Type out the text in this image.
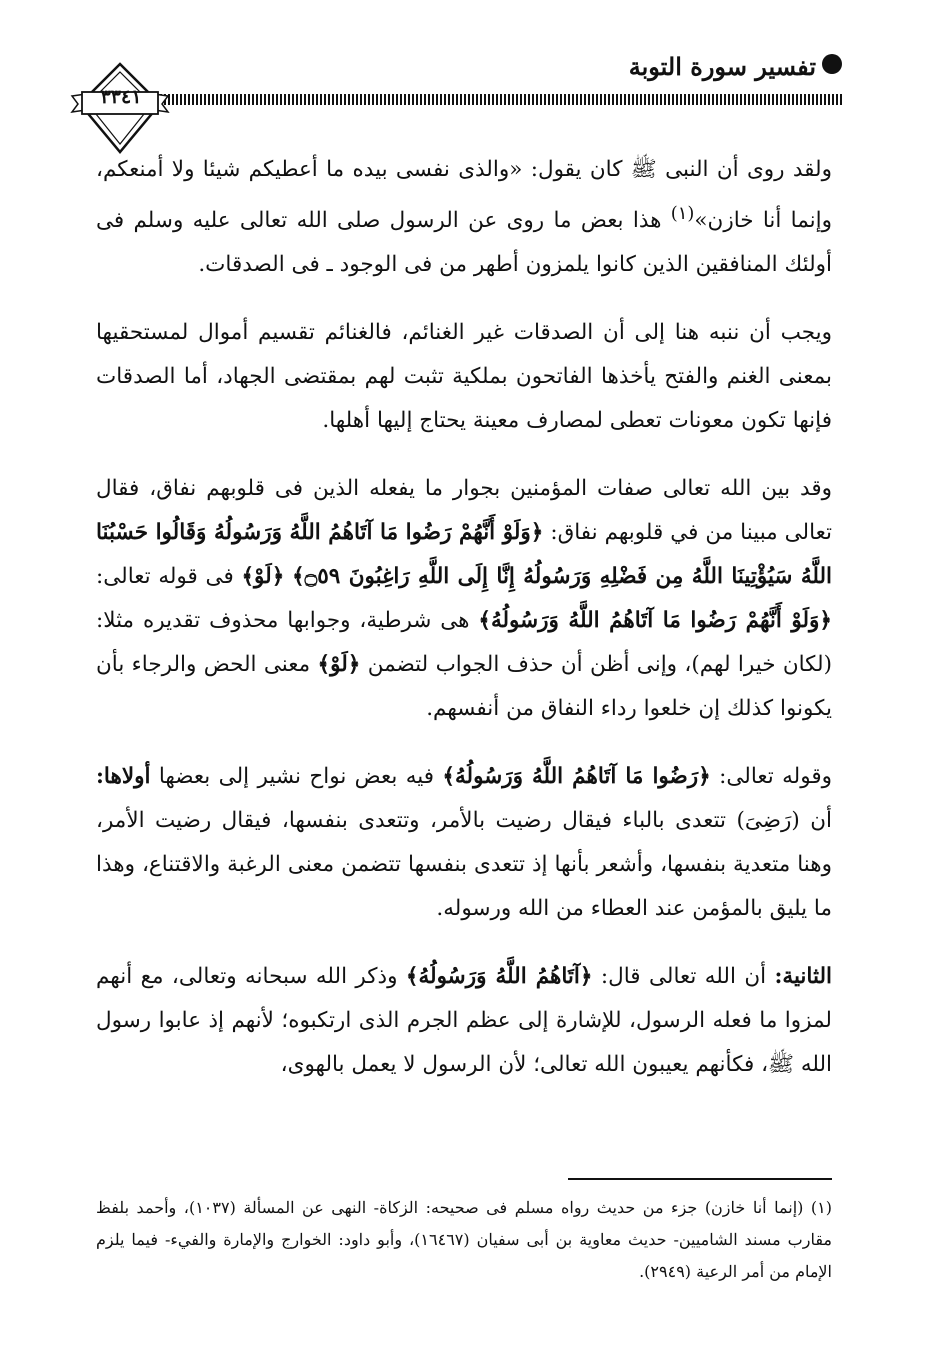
تفسير سورة التوبة
٣٣٤١

ولقد روى أن النبى ﷺ كان يقول: «والذى نفسى بيده ما أعطيكم شيئا ولا أمنعكم، وإنما أنا خازن»$^{(١)}$ هذا بعض ما روى عن الرسول صلى الله تعالى عليه وسلم فى أولئك المنافقين الذين كانوا يلمزون أطهر من فى الوجود ـ فى الصدقات.

ويجب أن ننبه هنا إلى أن الصدقات غير الغنائم، فالغنائم تقسيم أموال لمستحقيها بمعنى الغنم والفتح يأخذها الفاتحون بملكية تثبت لهم بمقتضى الجهاد، أما الصدقات فإنها تكون معونات تعطى لمصارف معينة يحتاج إليها أهلها.

وقد بين الله تعالى صفات المؤمنين بجوار ما يفعله الذين فى قلوبهم نفاق، فقال تعالى مبينا من في قلوبهم نفاق: ﴿وَلَوْ أَنَّهُمْ رَضُوا مَا آتَاهُمُ اللَّهُ وَرَسُولُهُ وَقَالُوا حَسْبُنَا اللَّهُ سَيُؤْتِينَا اللَّهُ مِن فَضْلِهِ وَرَسُولُهُ إِنَّا إِلَى اللَّهِ رَاغِبُونَ ۝٥٩﴾ ﴿لَوْ﴾ فى قوله تعالى: ﴿وَلَوْ أَنَّهُمْ رَضُوا مَا آتَاهُمُ اللَّهُ وَرَسُولُهُ﴾ هى شرطية، وجوابها محذوف تقديره مثلا: (لكان خيرا لهم)، وإنى أظن أن حذف الجواب لتضمن ﴿لَوْ﴾ معنى الحض والرجاء بأن يكونوا كذلك إن خلعوا رداء النفاق من أنفسهم.

وقوله تعالى: ﴿رَضُوا مَا آتَاهُمُ اللَّهُ وَرَسُولُهُ﴾ فيه بعض نواح نشير إلى بعضها أولاها: أن (رَضِىَ) تتعدى بالباء فيقال رضيت بالأمر، وتتعدى بنفسها، فيقال رضيت الأمر، وهنا متعدية بنفسها، وأشعر بأنها إذ تتعدى بنفسها تتضمن معنى الرغبة والاقتناع، وهذا ما يليق بالمؤمن عند العطاء من الله ورسوله.

الثانية: أن الله تعالى قال: ﴿آتَاهُمُ اللَّهُ وَرَسُولُهُ﴾ وذكر الله سبحانه وتعالى، مع أنهم لمزوا ما فعله الرسول، للإشارة إلى عظم الجرم الذى ارتكبوه؛ لأنهم إذ عابوا رسول الله ﷺ، فكأنهم يعيبون الله تعالى؛ لأن الرسول لا يعمل بالهوى،

(١) (إنما أنا خازن) جزء من حديث رواه مسلم فى صحيحه: الزكاة- النهى عن المسألة (١٠٣٧)، وأحمد بلفظ مقارب مسند الشاميين- حديث معاوية بن أبى سفيان (١٦٤٦٧)، وأبو داود: الخوارج والإمارة والفيء- فيما يلزم الإمام من أمر الرعية (٢٩٤٩).
